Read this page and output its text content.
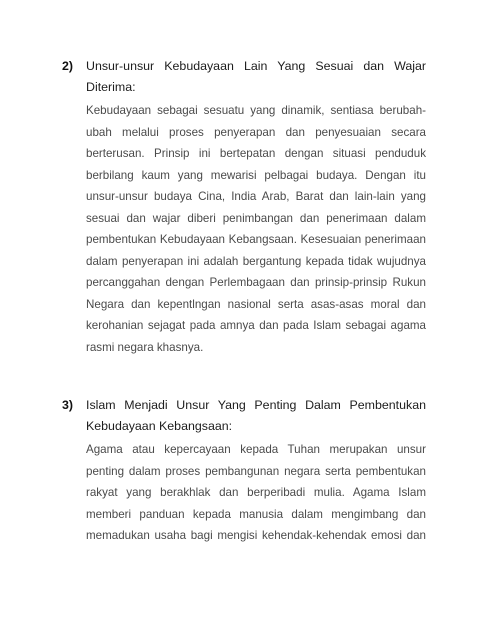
2) Unsur-unsur Kebudayaan Lain Yang Sesuai dan Wajar
Diterima:
Kebudayaan sebagai sesuatu yang dinamik, sentiasa berubah-
ubah melalui proses penyerapan dan penyesuaian secara
berterusan. Prinsip ini bertepatan dengan situasi penduduk
berbilang kaum yang mewarisi pelbagai budaya. Dengan itu
unsur-unsur budaya Cina, India Arab, Barat dan lain-lain yang
sesuai dan wajar diberi penimbangan dan penerimaan dalam
pembentukan Kebudayaan Kebangsaan. Kesesuaian penerimaan
dalam penyerapan ini adalah bergantung kepada tidak wujudnya
percanggahan dengan Perlembagaan dan prinsip-prinsip Rukun
Negara dan kepentlngan nasional serta asas-asas moral dan
kerohanian sejagat pada amnya dan pada Islam sebagai agama
rasmi negara khasnya.
3) Islam Menjadi Unsur Yang Penting Dalam Pembentukan
Kebudayaan Kebangsaan:
Agama atau kepercayaan kepada Tuhan merupakan unsur
penting dalam proses pembangunan negara serta pembentukan
rakyat yang berakhlak dan berperibadi mulia. Agama Islam
memberi panduan kepada manusia dalam mengimbang dan
memadukan usaha bagi mengisi kehendak-kehendak emosi dan
